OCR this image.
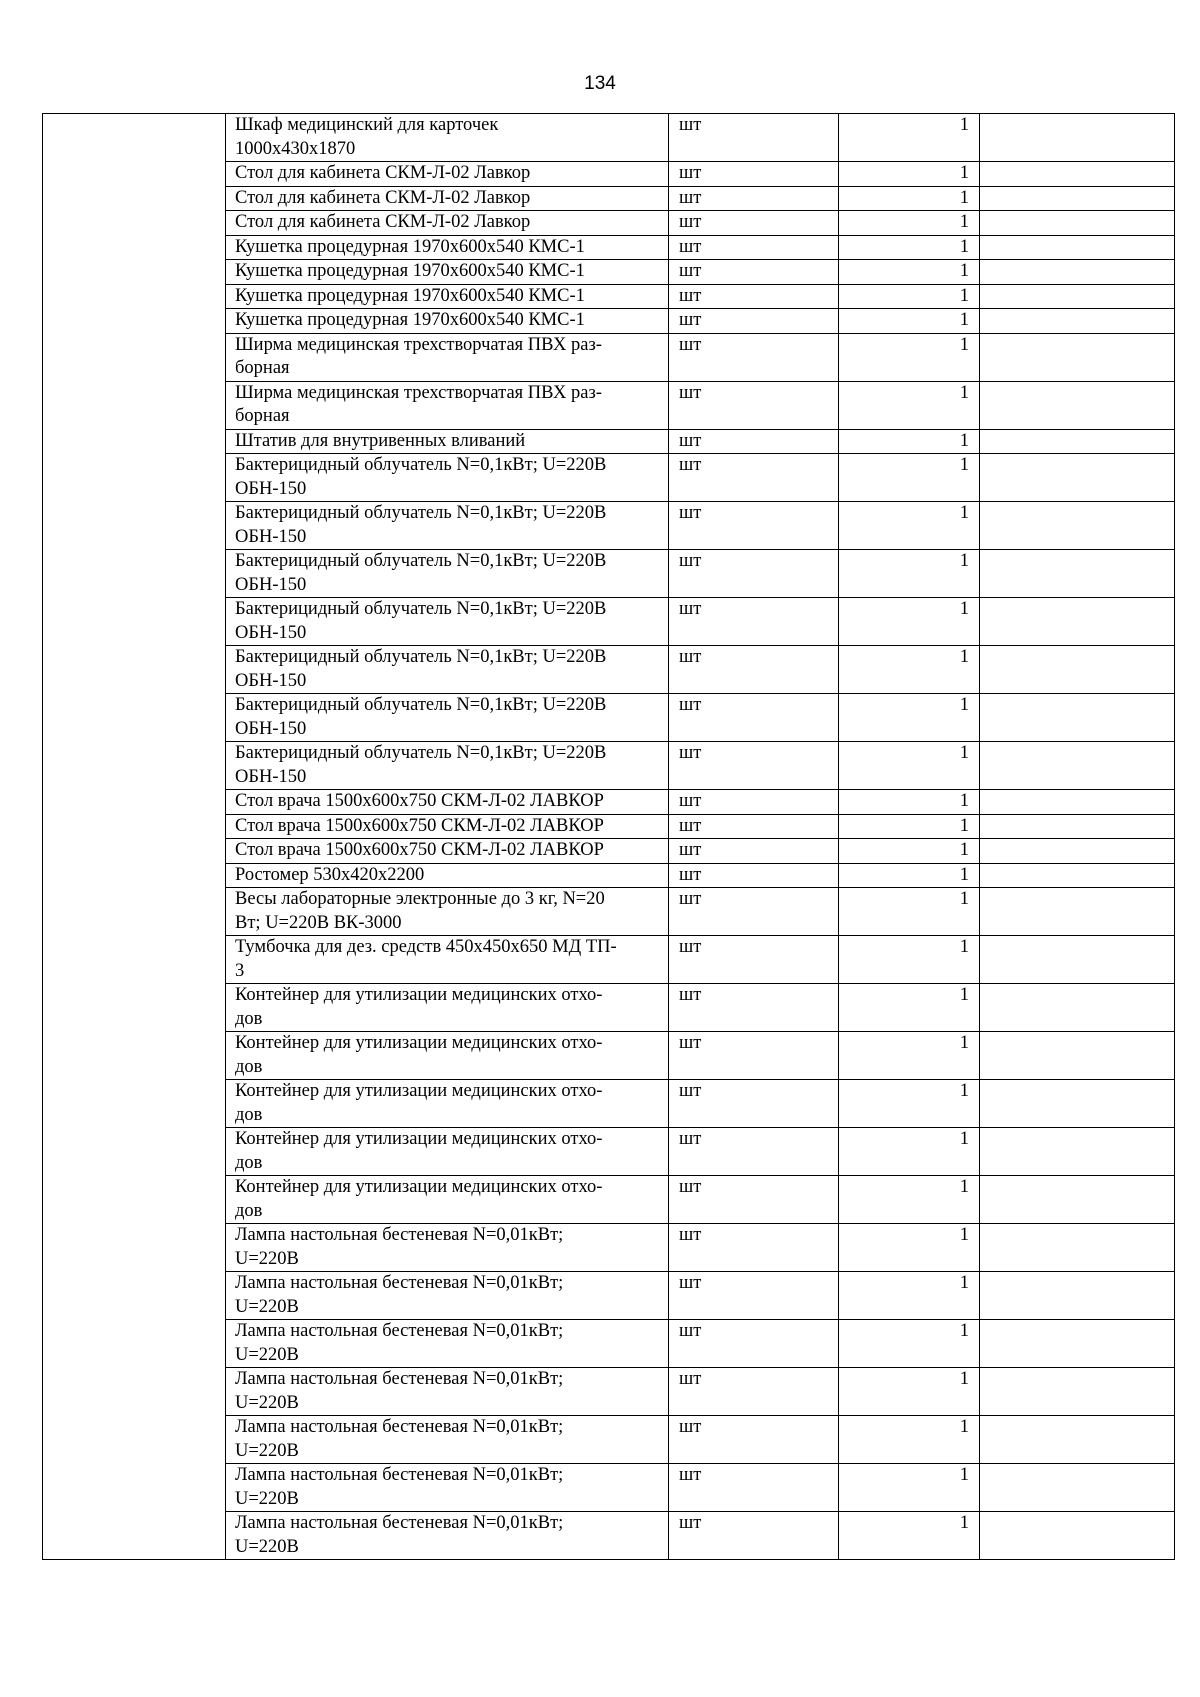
134

	Шкаф медицинский для карточек
1000x430x1870	шт	1	

	Стол для кабинета СКМ-Л-02 Лавкор	шт	1	

	Стол для кабинета СКМ-Л-02 Лавкор	шт	1	

	Стол для кабинета СКМ-Л-02 Лавкор	шт	1	

	Кушетка процедурная 1970x600x540 КМС-1	шт	1	

	Кушетка процедурная 1970x600x540 КМС-1	шт	1	

	Кушетка процедурная 1970x600x540 КМС-1	шт	1	

	Кушетка процедурная 1970x600x540 КМС-1	шт	1	

	Ширма медицинская трехстворчатая ПВХ раз-
борная	шт	1	

	Ширма медицинская трехстворчатая ПВХ раз-
борная	шт	1	

	Штатив для внутривенных вливаний	шт	1	

	Бактерицидный облучатель N=0,1кВт; U=220В
ОБН-150	шт	1	

	Бактерицидный облучатель N=0,1кВт; U=220В
ОБН-150	шт	1	

	Бактерицидный облучатель N=0,1кВт; U=220В
ОБН-150	шт	1	

	Бактерицидный облучатель N=0,1кВт; U=220В
ОБН-150	шт	1	

	Бактерицидный облучатель N=0,1кВт; U=220В
ОБН-150	шт	1	

	Бактерицидный облучатель N=0,1кВт; U=220В
ОБН-150	шт	1	

	Бактерицидный облучатель N=0,1кВт; U=220В
ОБН-150	шт	1	

	Стол врача 1500x600x750 СКМ-Л-02 ЛАВКОР	шт	1	

	Стол врача 1500x600x750 СКМ-Л-02 ЛАВКОР	шт	1	

	Стол врача 1500x600x750 СКМ-Л-02 ЛАВКОР	шт	1	

	Ростомер 530x420x2200	шт	1	

	Весы лабораторные электронные до 3 кг, N=20
Вт; U=220В ВК-3000	шт	1	

	Тумбочка для дез. средств 450x450x650 МД ТП-
3	шт	1	

	Контейнер для утилизации медицинских отхо-
дов	шт	1	

	Контейнер для утилизации медицинских отхо-
дов	шт	1	

	Контейнер для утилизации медицинских отхо-
дов	шт	1	

	Контейнер для утилизации медицинских отхо-
дов	шт	1	

	Контейнер для утилизации медицинских отхо-
дов	шт	1	

	Лампа настольная бестеневая N=0,01кВт;
U=220В	шт	1	

	Лампа настольная бестеневая N=0,01кВт;
U=220В	шт	1	

	Лампа настольная бестеневая N=0,01кВт;
U=220В	шт	1	

	Лампа настольная бестеневая N=0,01кВт;
U=220В	шт	1	

	Лампа настольная бестеневая N=0,01кВт;
U=220В	шт	1	

	Лампа настольная бестеневая N=0,01кВт;
U=220В	шт	1	

	Лампа настольная бестеневая N=0,01кВт;
U=220В	шт	1	
